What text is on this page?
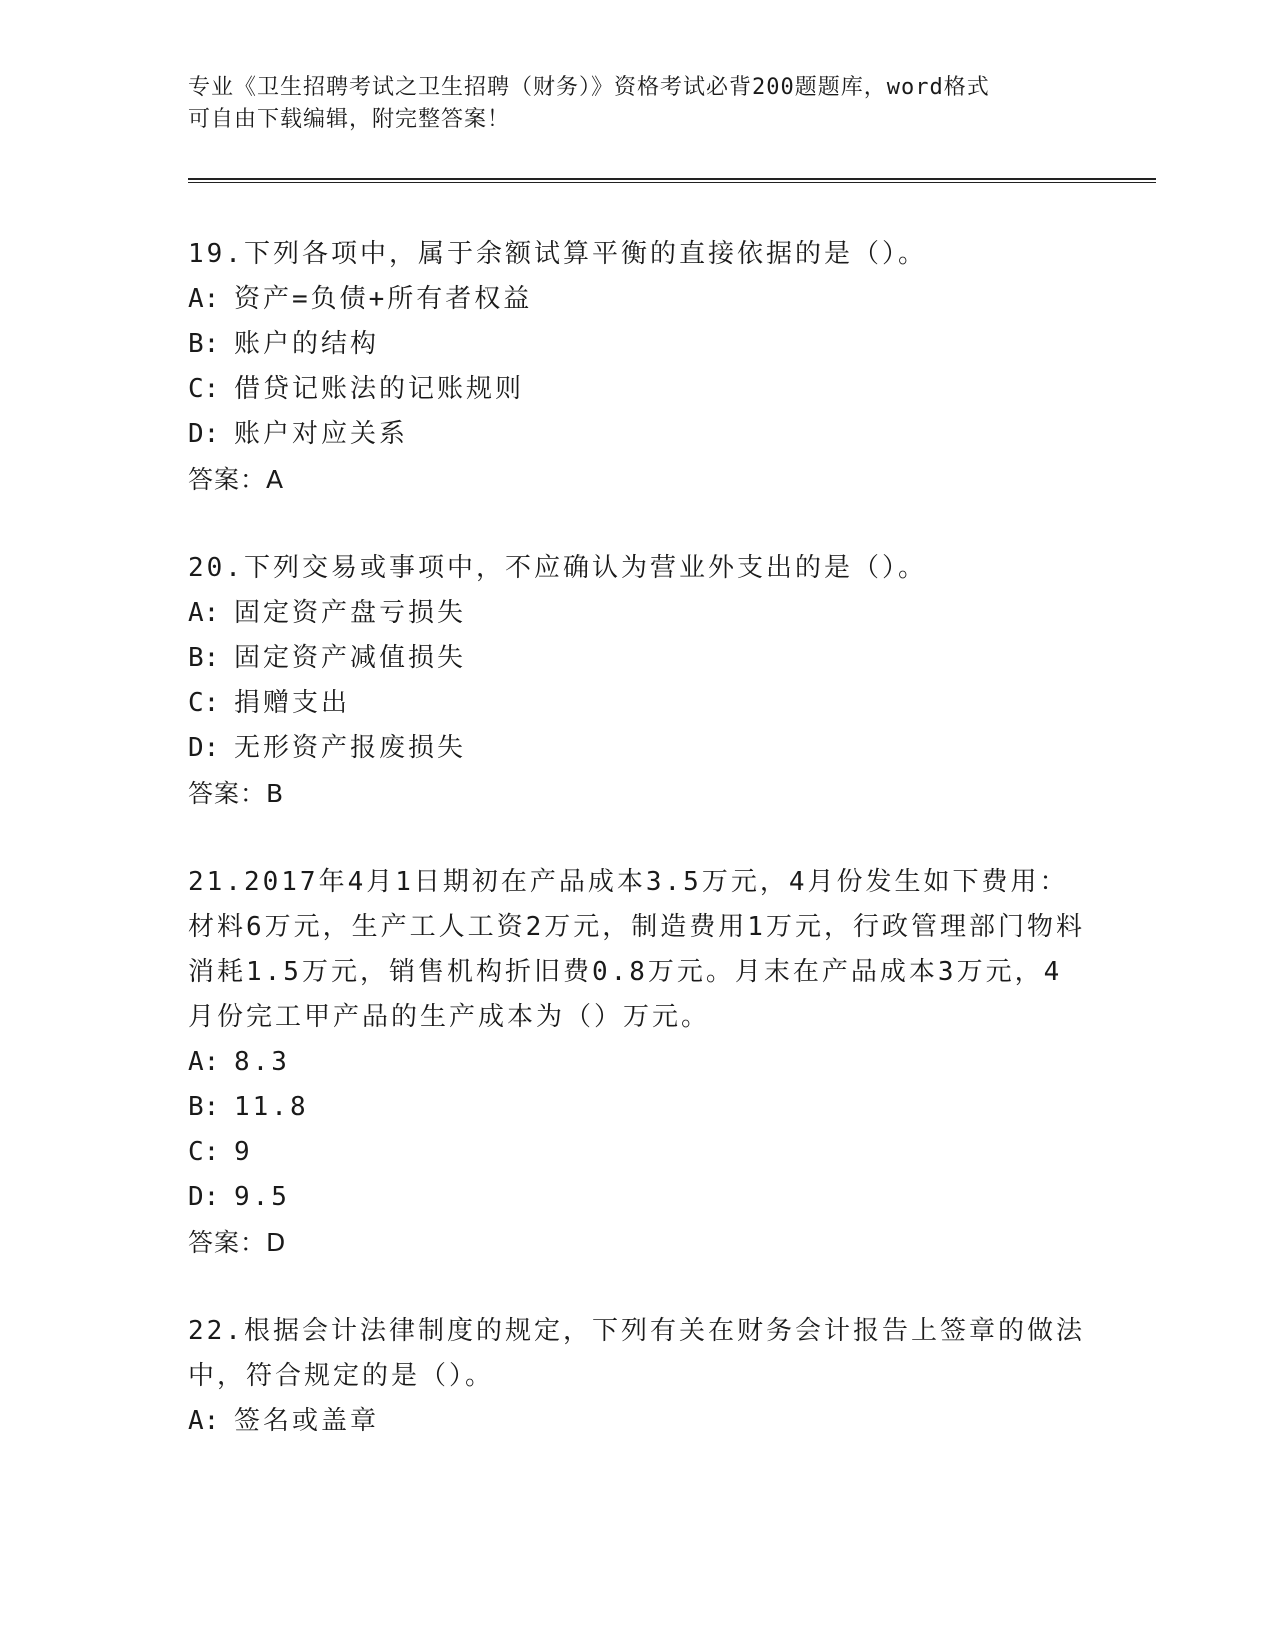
专业《卫生招聘考试之卫生招聘（财务）》资格考试必背200题题库，word格式
可自由下载编辑，附完整答案！
19.下列各项中，属于余额试算平衡的直接依据的是（）。
A: 资产=负债+所有者权益
B: 账户的结构
C: 借贷记账法的记账规则
D: 账户对应关系
答案：A
20.下列交易或事项中，不应确认为营业外支出的是（）。
A: 固定资产盘亏损失
B: 固定资产减值损失
C: 捐赠支出
D: 无形资产报废损失
答案：B
21.2017年4月1日期初在产品成本3.5万元，4月份发生如下费用：材料6万元，生产工人工资2万元，制造费用1万元，行政管理部门物料消耗1.5万元，销售机构折旧费0.8万元。月末在产品成本3万元，4月份完工甲产品的生产成本为（）万元。
A: 8.3
B: 11.8
C: 9
D: 9.5
答案：D
22.根据会计法律制度的规定，下列有关在财务会计报告上签章的做法中，符合规定的是（）。
A: 签名或盖章
